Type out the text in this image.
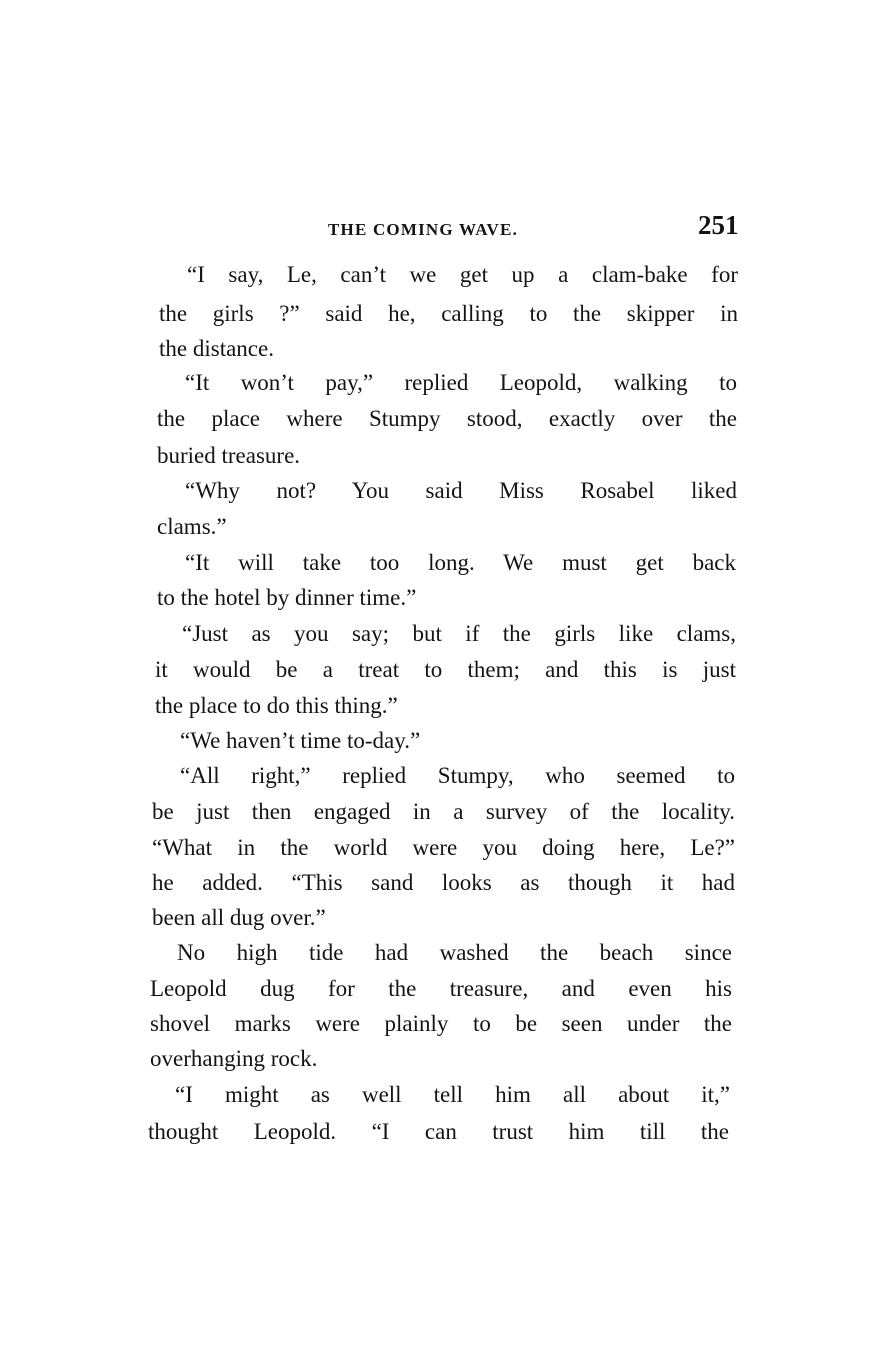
THE COMING WAVE.	251
“I say, Le, can’t we get up a clam-bake for
the girls ?” said he, calling to the skipper in
the distance.
“It won’t pay,” replied Leopold, walking to
the place where Stumpy stood, exactly over the
buried treasure.
“Why not? You said Miss Rosabel liked
clams.”
“It will take too long. We must get back
to the hotel by dinner time.”
“Just as you say; but if the girls like clams,
it would be a treat to them; and this is just
the place to do this thing.”
“We haven’t time to-day.”
“All right,” replied Stumpy, who seemed to
be just then engaged in a survey of the locality.
“What in the world were you doing here, Le?”
he added. “This sand looks as though it had
been all dug over.”
No high tide had washed the beach since
Leopold dug for the treasure, and even his
shovel marks were plainly to be seen under the
overhanging rock.
“I might as well tell him all about it,”
thought Leopold. “I can trust him till the
